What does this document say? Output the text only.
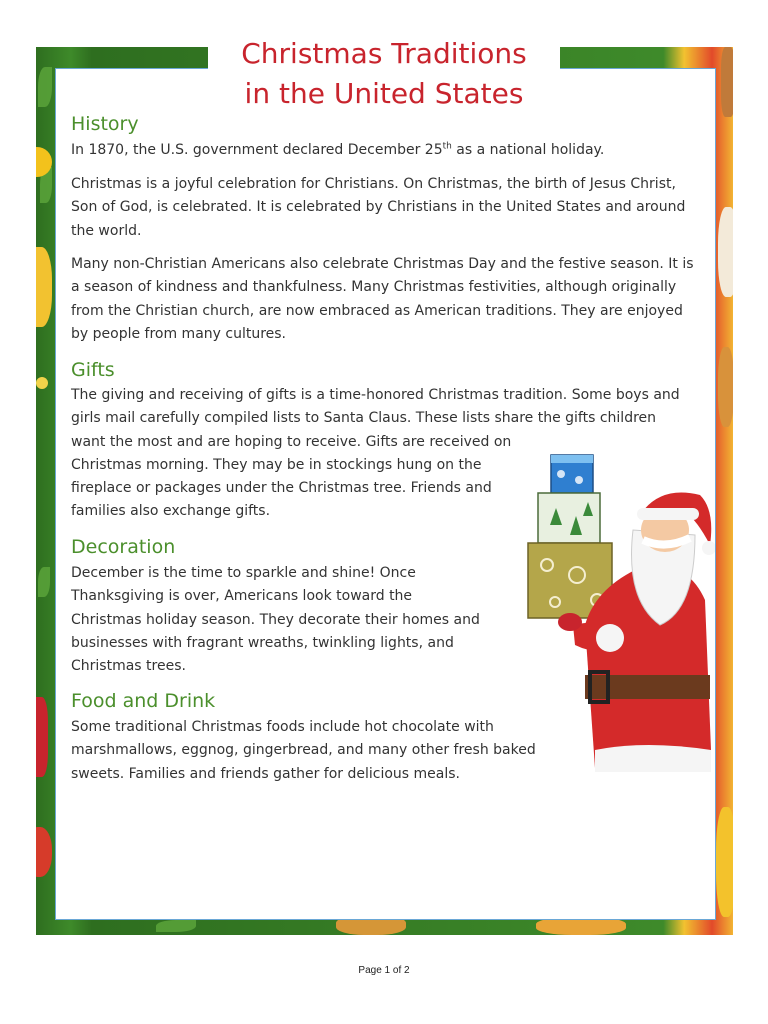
Christmas Traditions
in the United States
History

In 1870, the U.S. government declared December 25th as a national holiday.

Christmas is a joyful celebration for Christians. On Christmas, the birth of Jesus Christ,
Son of God, is celebrated. It is celebrated by Christians in the United States and around
the world.

Many non-Christian Americans also celebrate Christmas Day and the festive season. It is
a season of kindness and thankfulness. Many Christmas festivities, although originally
from the Christian church, are now embraced as American traditions. They are enjoyed
by people from many cultures.

Gifts

The giving and receiving of gifts is a time-honored Christmas tradition. Some boys and
girls mail carefully compiled lists to Santa Claus. These lists share the gifts children
want the most and are hoping to receive. Gifts are received on
Christmas morning. They may be in stockings hung on the
fireplace or packages under the Christmas tree. Friends and
families also exchange gifts.

Decoration

December is the time to sparkle and shine! Once
Thanksgiving is over, Americans look toward the
Christmas holiday season. They decorate their homes and
businesses with fragrant wreaths, twinkling lights, and
Christmas trees.

Food and Drink

Some traditional Christmas foods include hot chocolate with
marshmallows, eggnog, gingerbread, and many other fresh baked
sweets. Families and friends gather for delicious meals.

Page 1 of 2
